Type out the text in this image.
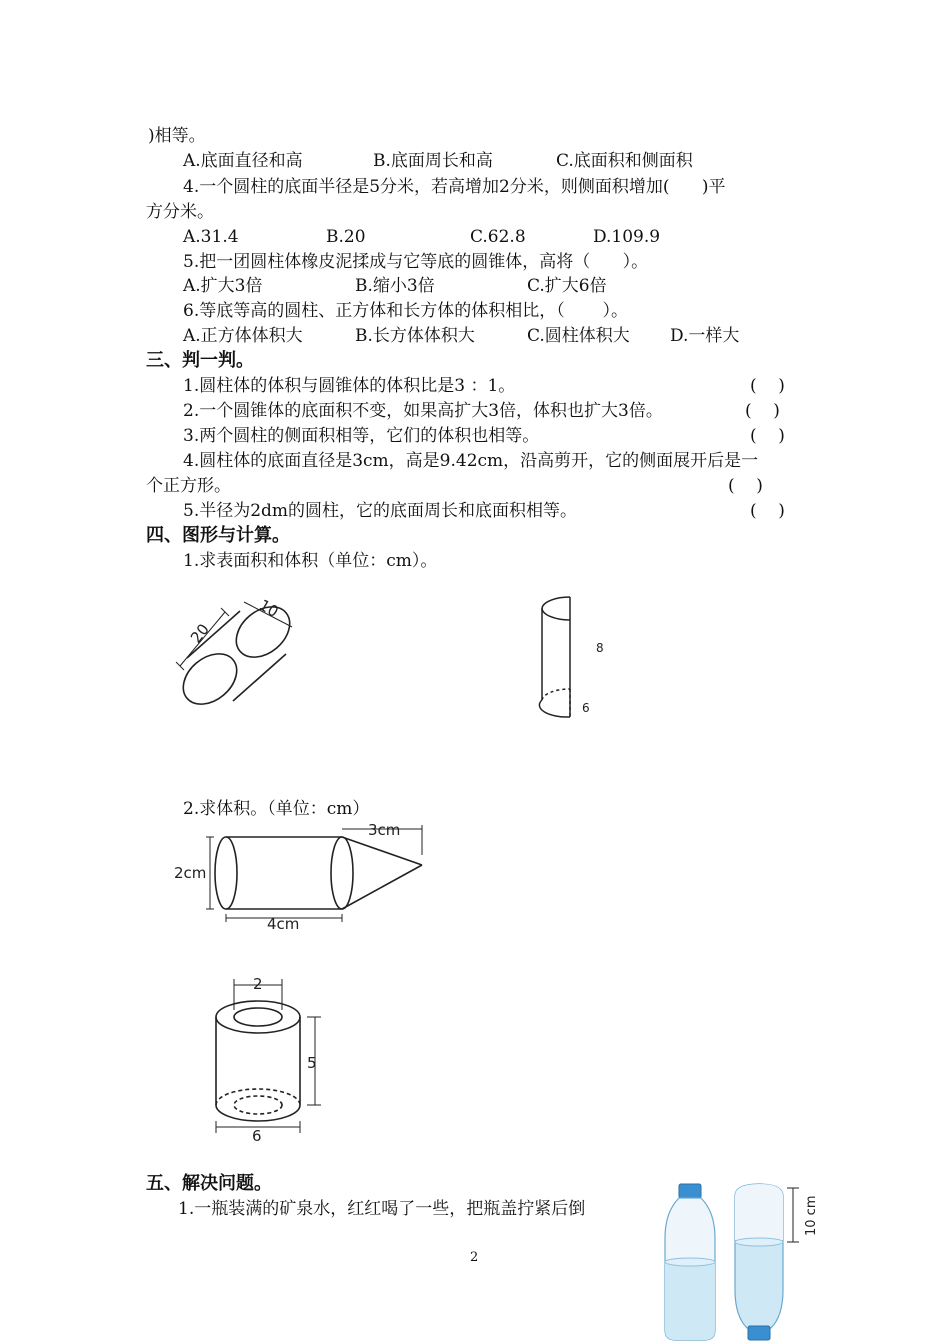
)相等。
A.底面直径和高	B.底面周长和高	C.底面积和侧面积
4.一个圆柱的底面半径是5分米，若高增加2分米，则侧面积增加(      )平
方分米。
A.31.4	B.20	C.62.8	D.109.9
5.把一团圆柱体橡皮泥揉成与它等底的圆锥体，高将（      ）。
A.扩大3倍	B.缩小3倍	C.扩大6倍
6.等底等高的圆柱、正方体和长方体的体积相比，（       ）。
A.正方体体积大	B.长方体体积大	C.圆柱体积大 D.一样大
三、判一判。
1.圆柱体的体积与圆锥体的体积比是3 ：1。	(    )
2.一个圆锥体的底面积不变，如果高扩大3倍，体积也扩大3倍。	(    )
3.两个圆柱的侧面积相等，它们的体积也相等。	(    )
4.圆柱体的底面直径是3cm，高是9.42cm，沿高剪开，它的侧面展开后是一
个正方形。	(    )
5.半径为2dm的圆柱，它的底面周长和底面积相等。	(    )
四、图形与计算。
1.求表面积和体积（单位：cm）。
20
10
8
6
2.求体积。（单位：cm）
3cm
2cm
4cm
2
5
6
五、解决问题。
1.一瓶装满的矿泉水，红红喝了一些，把瓶盖拧紧后倒	10 cm
2
